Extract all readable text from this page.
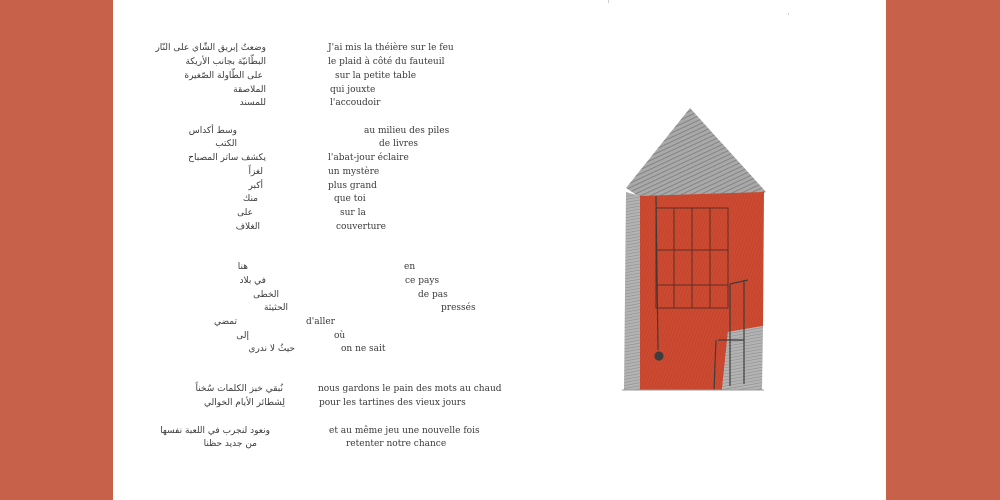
وضعتُ إبريق الشّاي على النّار	J'ai mis la théière sur le feu
البطّانيّة بجانب الأريكة	le plaid à côté du fauteuil
على الطّاولة الصّغيرة	sur la petite table
الملاصقة	qui jouxte
للمسند	l'accoudoir
وسط أكداس	au milieu des piles
الكتب	de livres
يكشف ساتر المصباح	l'abat-jour éclaire
لغزاً	un mystère
أكبر	plus grand
منك	que toi
على	sur la
الغلاف	couverture
هنا	en
في بلاد	ce pays
الخطى	de pas
الحثيثة	pressés
تمضي	d'aller
إلى	où
حيثُ لا ندري	on ne sait
نُبقي خبز الكلمات سُخناً	nous gardons le pain des mots au chaud
لِشطائر الأيام الخوالي	pour les tartines des vieux jours
ونعود لنجرب في اللعبة نفسها	et au même jeu une nouvelle fois
من جديد حظنا	retenter notre chance
